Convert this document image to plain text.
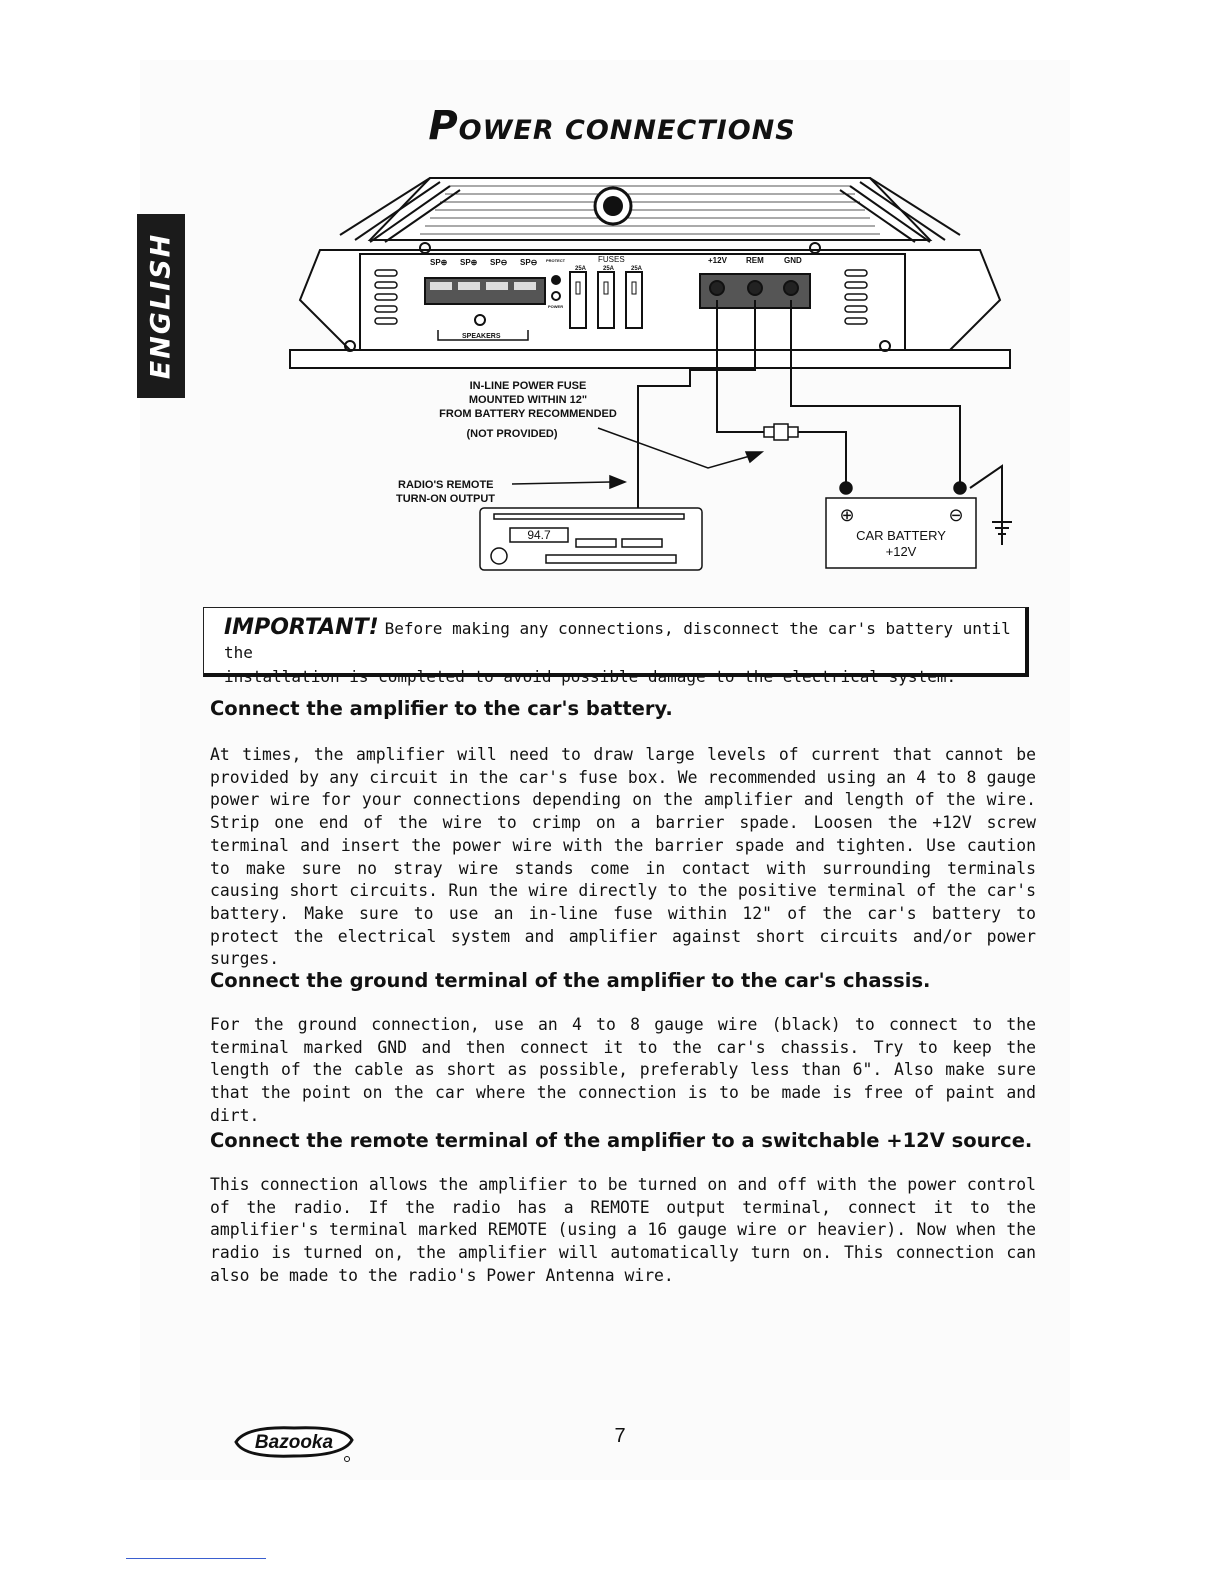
ENGLISH
POWER CONNECTIONS
SP⊕ SP⊕ SP⊖ SP⊖ PROTECT
POWER
FUSES
25A	25A	25A
+12V REM	GND
SPEAKERS
IN-LINE POWER FUSE
MOUNTED WITHIN 12"
FROM BATTERY RECOMMENDED
(NOT PROVIDED)
RADIO'S REMOTE
TURN-ON OUTPUT
94.7
⊕	⊖
CAR BATTERY
+12V
IMPORTANT! Before making any connections, disconnect the car's battery until the
installation is completed to avoid possible damage to the electrical system.
Connect the amplifier to the car's battery.

At times, the amplifier will need to draw large levels of current that cannot be provided by any circuit in the car's fuse box. We recommended using an 4 to 8 gauge power wire for your connections depending on the amplifier and length of the wire. Strip one end of the wire to crimp on a barrier spade. Loosen the +12V screw terminal and insert the power wire with the barrier spade and tighten. Use caution to make sure no stray wire stands come in contact with surrounding terminals causing short circuits. Run the wire directly to the positive terminal of the car's battery. Make sure to use an in-line fuse within 12" of the car's battery to protect the electrical system and amplifier against short circuits and/or power surges.

Connect the ground terminal of the amplifier to the car's chassis.

For the ground connection, use an 4 to 8 gauge wire (black) to connect to the terminal marked GND and then connect it to the car's chassis. Try to keep the length of the cable as short as possible, preferably less than 6". Also make sure that the point on the car where the connection is to be made is free of paint and dirt.

Connect the remote terminal of the amplifier to a switchable +12V source.

This connection allows the amplifier to be turned on and off with the power control of the radio. If the radio has a REMOTE output terminal, connect it to the amplifier's terminal marked REMOTE (using a 16 gauge wire or heavier). Now when the radio is turned on, the amplifier will automatically turn on. This connection can also be made to the radio's Power Antenna wire.

Bazooka	7
